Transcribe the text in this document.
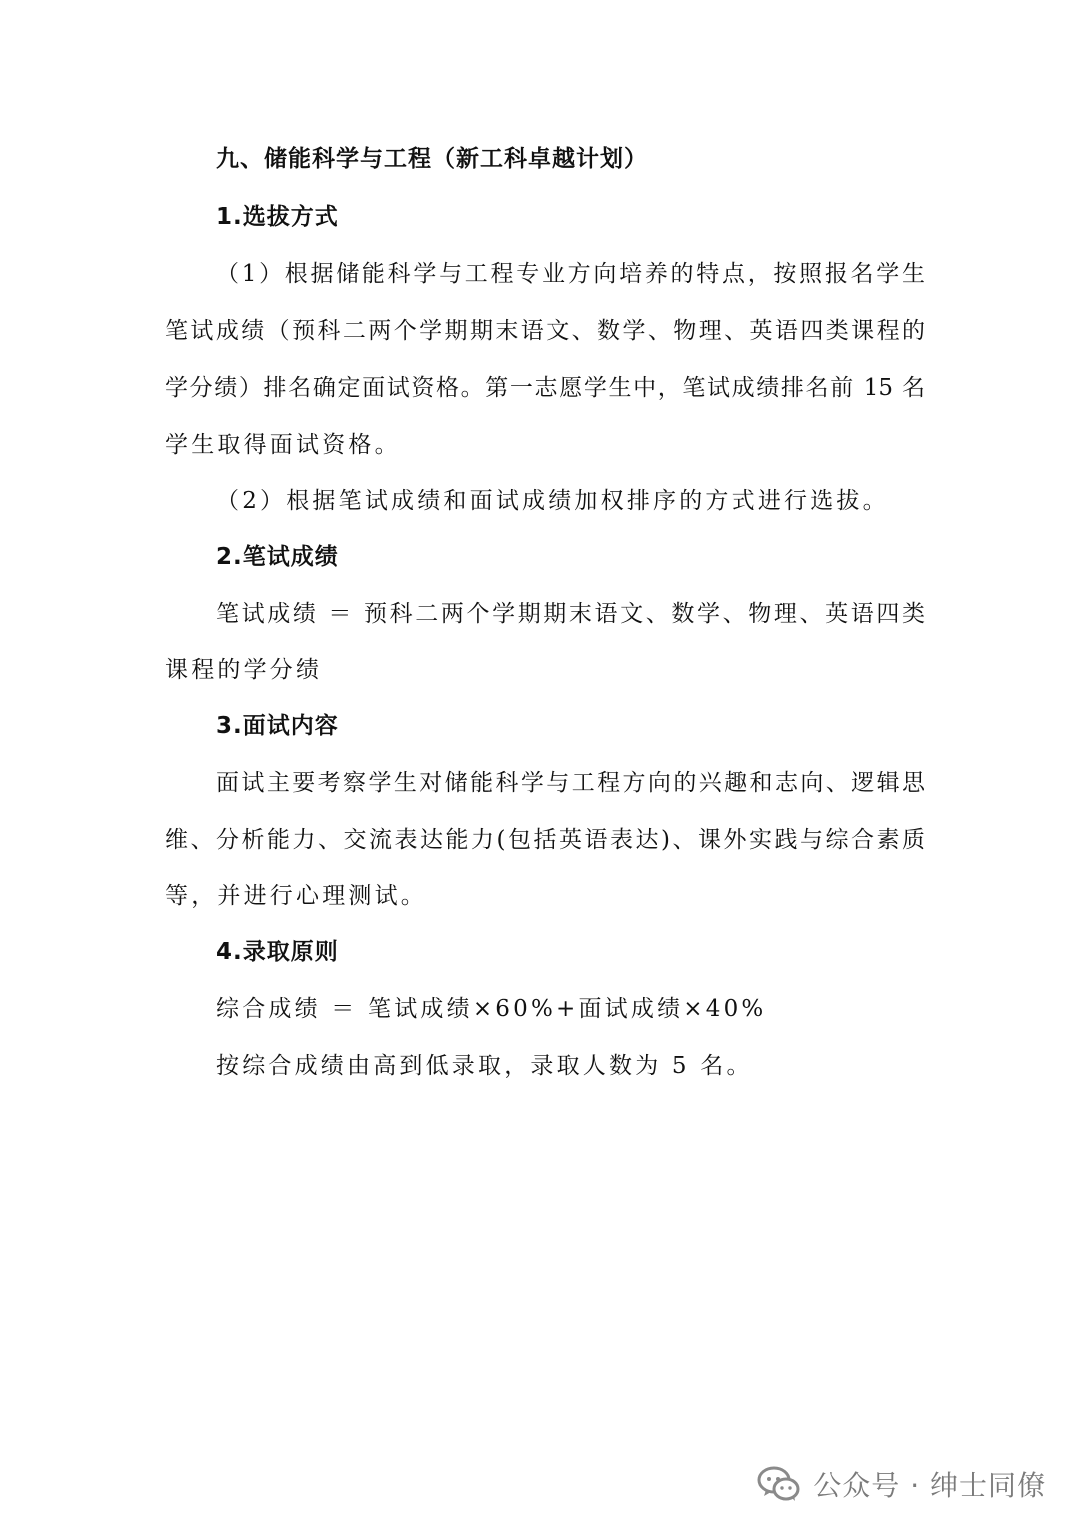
九、储能科学与工程（新工科卓越计划）
1.选拔方式
（1）根据储能科学与工程专业方向培养的特点，按照报名学生
笔试成绩（预科二两个学期期末语文、数学、物理、英语四类课程的
学分绩）排名确定面试资格。第一志愿学生中，笔试成绩排名前 15 名
学生取得面试资格。
（2）根据笔试成绩和面试成绩加权排序的方式进行选拔。
2.笔试成绩
笔试成绩 ＝ 预科二两个学期期末语文、数学、物理、英语四类
课程的学分绩
3.面试内容
面试主要考察学生对储能科学与工程方向的兴趣和志向、逻辑思
维、分析能力、交流表达能力(包括英语表达)、课外实践与综合素质
等，并进行心理测试。
4.录取原则
综合成绩 ＝ 笔试成绩×60%+面试成绩×40%
按综合成绩由高到低录取，录取人数为 5 名。
公众号 · 绅士同僚
